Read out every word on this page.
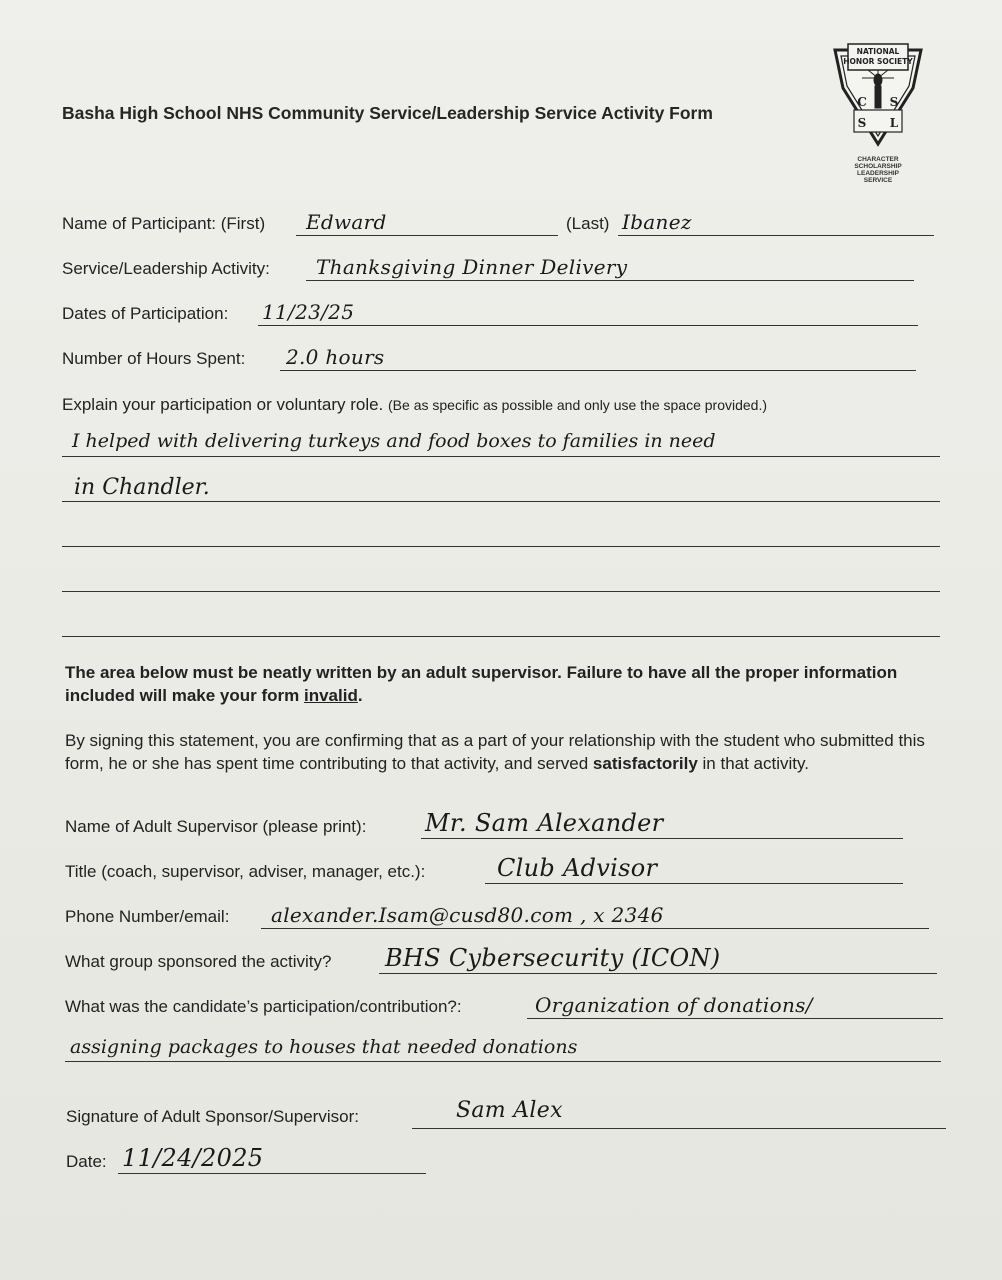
Basha High School NHS Community Service/Leadership Service Activity Form
NATIONAL
HONOR SOCIETY
C
S L
S
CHARACTER
SCHOLARSHIP
LEADERSHIP
SERVICE
Name of Participant: (First) Edward	(Last) Ibanez
Service/Leadership Activity: Thanksgiving Dinner Delivery
Dates of Participation: 11/23/25
Number of Hours Spent: 2.0 hours
Explain your participation or voluntary role. (Be as specific as possible and only use the space provided.)
I helped with delivering turkeys and food boxes to families in need
in Chandler.
The area below must be neatly written by an adult supervisor. Failure to have all the proper information included will make your form invalid.
By signing this statement, you are confirming that as a part of your relationship with the student who submitted this form, he or she has spent time contributing to that activity, and served satisfactorily in that activity.
Name of Adult Supervisor (please print): Mr. Sam Alexander
Title (coach, supervisor, adviser, manager, etc.):	Club Advisor
Phone Number/email: alexander.Isam@cusd80.com , x 2346
What group sponsored the activity? BHS Cybersecurity (ICON)
What was the candidate’s participation/contribution?:	Organization of donations/
assigning packages to houses that needed donations
Signature of Adult Sponsor/Supervisor:	Sam Alex
Date: 11/24/2025
